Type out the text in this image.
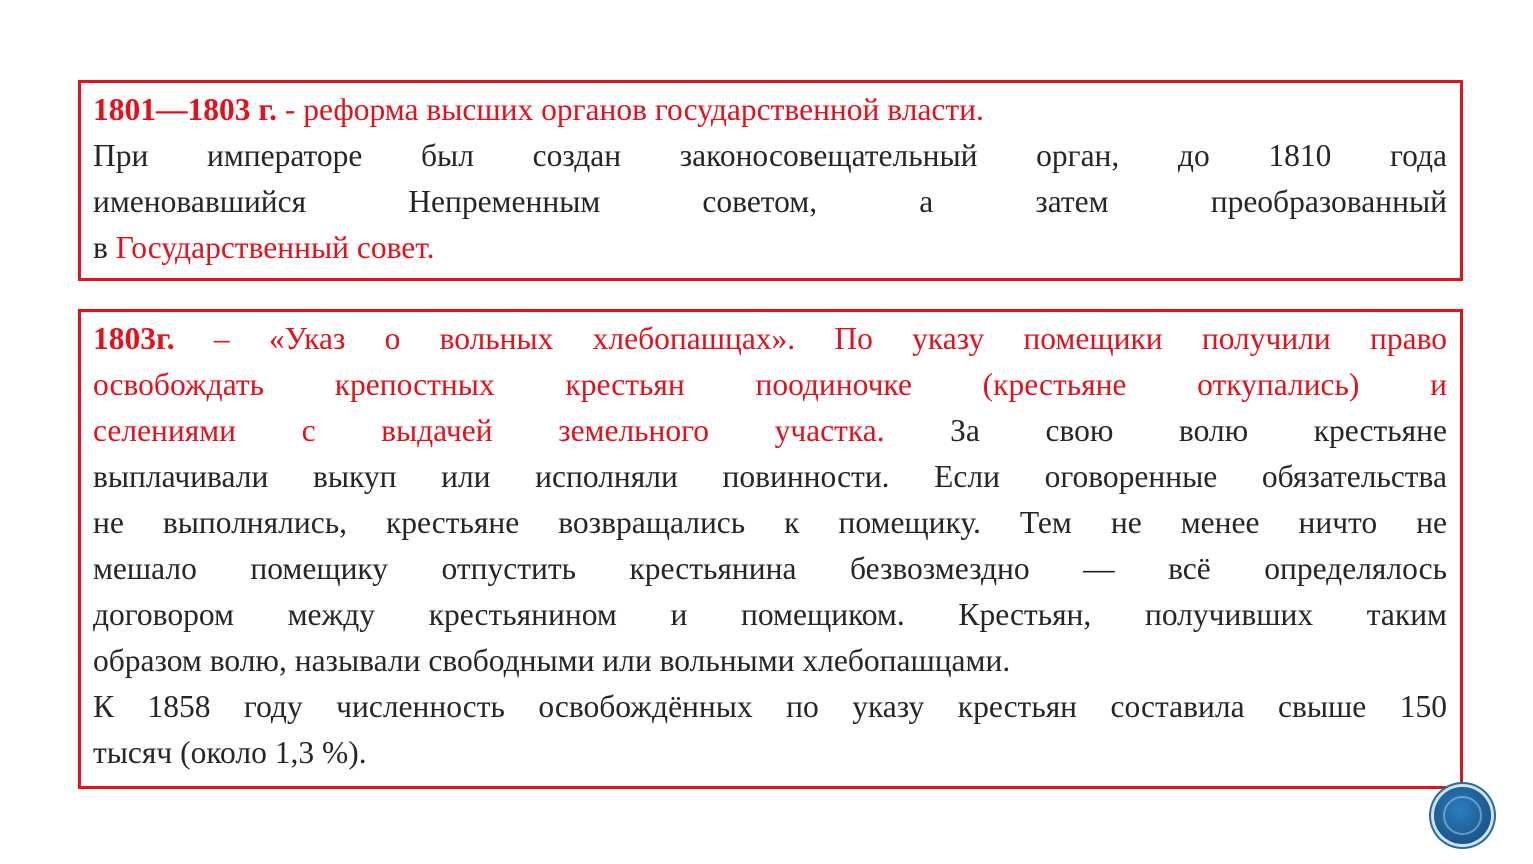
1801—1803 г. - реформа высших органов государственной власти.
При императоре был создан законосовещательный орган, до 1810 года
именовавшийся Непременным советом, а затем преобразованный
в Государственный совет.
1803г. – «Указ о вольных хлебопашцах». По указу помещики получили право
освобождать крепостных крестьян поодиночке (крестьяне откупались) и
селениями с выдачей земельного участка. За свою волю крестьяне
выплачивали выкуп или исполняли повинности. Если оговоренные обязательства
не выполнялись, крестьяне возвращались к помещику. Тем не менее ничто не
мешало помещику отпустить крестьянина безвозмездно — всё определялось
договором между крестьянином и помещиком. Крестьян, получивших таким
образом волю, называли свободными или вольными хлебопашцами.
К 1858 году численность освобождённых по указу крестьян составила свыше 150
тысяч (около 1,3 %).
